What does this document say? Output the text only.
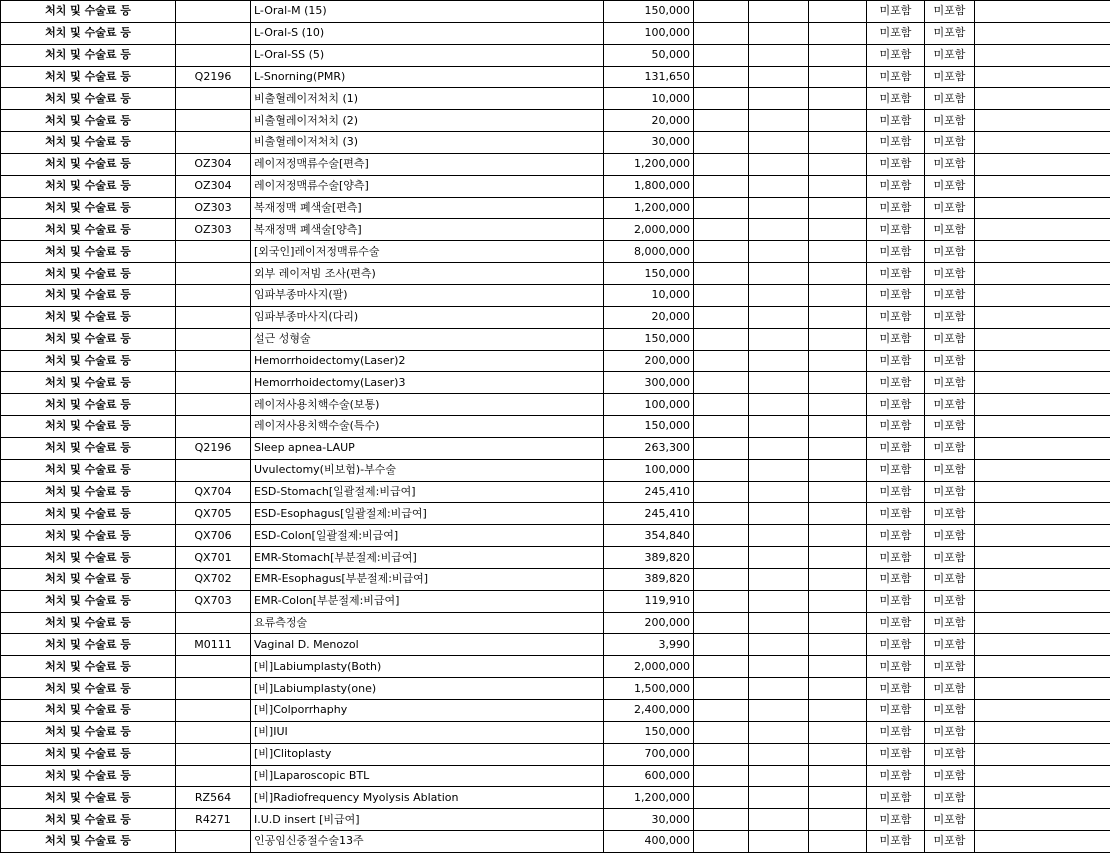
처치 및 수술료 등		L-Oral-M (15)	150,000				미포함	미포함	
처치 및 수술료 등		L-Oral-S (10)	100,000				미포함	미포함	
처치 및 수술료 등		L-Oral-SS (5)	50,000				미포함	미포함	
처치 및 수술료 등	Q2196	L-Snorning(PMR)	131,650				미포함	미포함	
처치 및 수술료 등		비출혈레이저처치 (1)	10,000				미포함	미포함	
처치 및 수술료 등		비출혈레이저처치 (2)	20,000				미포함	미포함	
처치 및 수술료 등		비출혈레이저처치 (3)	30,000				미포함	미포함	
처치 및 수술료 등	OZ304	레이저정맥류수술[편측]	1,200,000				미포함	미포함	
처치 및 수술료 등	OZ304	레이저정맥류수술[양측]	1,800,000				미포함	미포함	
처치 및 수술료 등	OZ303	복재정맥 폐색술[편측]	1,200,000				미포함	미포함	
처치 및 수술료 등	OZ303	복재정맥 폐색술[양측]	2,000,000				미포함	미포함	
처치 및 수술료 등		[외국인]레이저정맥류수술	8,000,000				미포함	미포함	
처치 및 수술료 등		외부 레이저빔 조사(편측)	150,000				미포함	미포함	
처치 및 수술료 등		임파부종마사지(팔)	10,000				미포함	미포함	
처치 및 수술료 등		임파부종마사지(다리)	20,000				미포함	미포함	
처치 및 수술료 등		설근 성형술	150,000				미포함	미포함	
처치 및 수술료 등		Hemorrhoidectomy(Laser)2	200,000				미포함	미포함	
처치 및 수술료 등		Hemorrhoidectomy(Laser)3	300,000				미포함	미포함	
처치 및 수술료 등		레이저사용치핵수술(보통)	100,000				미포함	미포함	
처치 및 수술료 등		레이저사용치핵수술(특수)	150,000				미포함	미포함	
처치 및 수술료 등	Q2196	Sleep apnea-LAUP	263,300				미포함	미포함	
처치 및 수술료 등		Uvulectomy(비보험)-부수술	100,000				미포함	미포함	
처치 및 수술료 등	QX704	ESD-Stomach[일괄절제:비급여]	245,410				미포함	미포함	
처치 및 수술료 등	QX705	ESD-Esophagus[일괄절제:비급여]	245,410				미포함	미포함	
처치 및 수술료 등	QX706	ESD-Colon[일괄절제:비급여]	354,840				미포함	미포함	
처치 및 수술료 등	QX701	EMR-Stomach[부분절제:비급여]	389,820				미포함	미포함	
처치 및 수술료 등	QX702	EMR-Esophagus[부분절제:비급여]	389,820				미포함	미포함	
처치 및 수술료 등	QX703	EMR-Colon[부분절제:비급여]	119,910				미포함	미포함	
처치 및 수술료 등		요류측정술	200,000				미포함	미포함	
처치 및 수술료 등	M0111	Vaginal D. Menozol	3,990				미포함	미포함	
처치 및 수술료 등		[비]Labiumplasty(Both)	2,000,000				미포함	미포함	
처치 및 수술료 등		[비]Labiumplasty(one)	1,500,000				미포함	미포함	
처치 및 수술료 등		[비]Colporrhaphy	2,400,000				미포함	미포함	
처치 및 수술료 등		[비]IUI	150,000				미포함	미포함	
처치 및 수술료 등		[비]Clitoplasty	700,000				미포함	미포함	
처치 및 수술료 등		[비]Laparoscopic BTL	600,000				미포함	미포함	
처치 및 수술료 등	RZ564	[비]Radiofrequency Myolysis Ablation	1,200,000				미포함	미포함	
처치 및 수술료 등	R4271	I.U.D insert [비급여]	30,000				미포함	미포함	
처치 및 수술료 등		인공임신중절수술13주	400,000				미포함	미포함	
